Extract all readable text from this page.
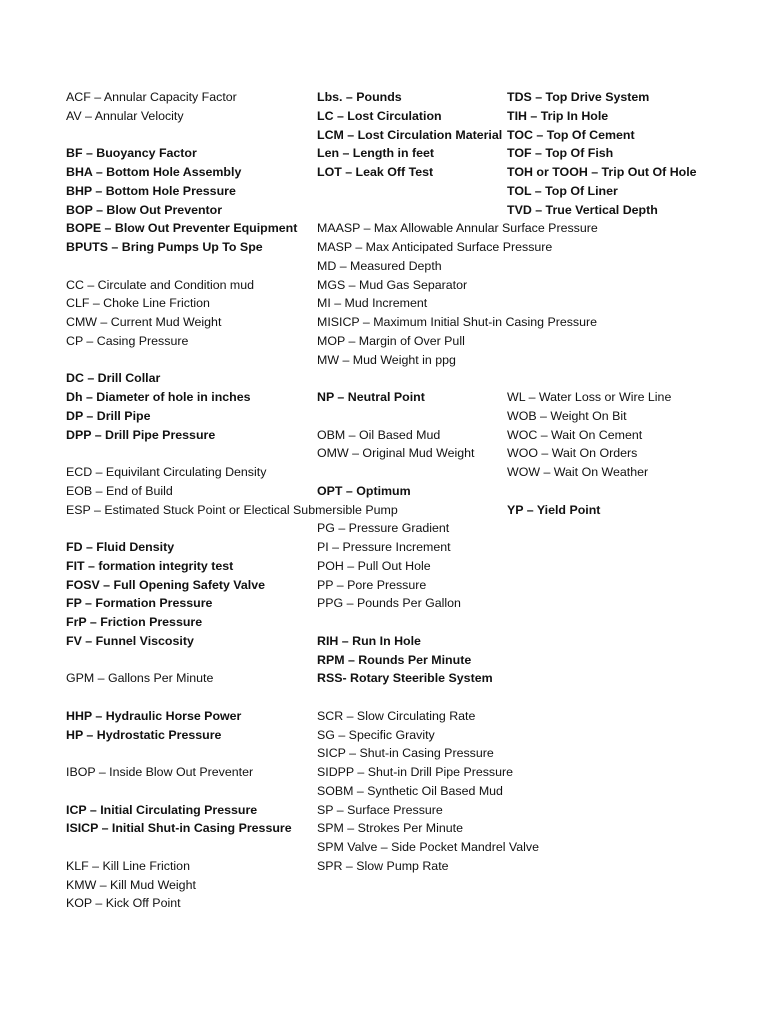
ACF – Annular Capacity Factor
AV – Annular Velocity
BF – Buoyancy Factor
BHA – Bottom Hole Assembly
BHP – Bottom Hole Pressure
BOP – Blow Out Preventor
BOPE – Blow Out Preventer Equipment
BPUTS – Bring Pumps Up To Spe
CC – Circulate and Condition mud
CLF – Choke Line Friction
CMW – Current Mud Weight
CP – Casing Pressure
DC – Drill Collar
Dh – Diameter of hole in inches
DP – Drill Pipe
DPP – Drill Pipe Pressure
ECD – Equivilant Circulating Density
EOB – End of Build
ESP – Estimated Stuck Point or Electical Submersible Pump
FD – Fluid Density
FIT – formation integrity test
FOSV – Full Opening Safety Valve
FP – Formation Pressure
FrP – Friction Pressure
FV – Funnel Viscosity
GPM – Gallons Per Minute
HHP – Hydraulic Horse Power
HP – Hydrostatic Pressure
IBOP – Inside Blow Out Preventer
ICP – Initial Circulating Pressure
ISICP – Initial Shut-in Casing Pressure
KLF – Kill Line Friction
KMW – Kill Mud Weight
KOP – Kick Off Point
Lbs. – Pounds
LC – Lost Circulation
LCM – Lost Circulation Material
Len – Length in feet
LOT – Leak Off Test
MAASP – Max Allowable Annular Surface Pressure
MASP – Max Anticipated Surface Pressure
MD – Measured Depth
MGS – Mud Gas Separator
MI – Mud Increment
MISICP – Maximum Initial Shut-in Casing Pressure
MOP – Margin of Over Pull
MW – Mud Weight in ppg
NP – Neutral Point
OBM – Oil Based Mud
OMW – Original Mud Weight
OPT – Optimum
PG – Pressure Gradient
PI – Pressure Increment
POH – Pull Out Hole
PP – Pore Pressure
PPG – Pounds Per Gallon
RIH – Run In Hole
RPM – Rounds Per Minute
RSS- Rotary Steerible System
SCR – Slow Circulating Rate
SG – Specific Gravity
SICP – Shut-in Casing Pressure
SIDPP – Shut-in Drill Pipe Pressure
SOBM – Synthetic Oil Based Mud
SP – Surface Pressure
SPM – Strokes Per Minute
SPM Valve – Side Pocket Mandrel Valve
SPR – Slow Pump Rate
TDS – Top Drive System
TIH – Trip In Hole
TOC – Top Of Cement
TOF – Top Of Fish
TOH or TOOH – Trip Out Of Hole
TOL – Top Of Liner
TVD – True Vertical Depth
WL – Water Loss or Wire Line
WOB – Weight On Bit
WOC – Wait On Cement
WOO – Wait On Orders
WOW – Wait On Weather
YP – Yield Point
